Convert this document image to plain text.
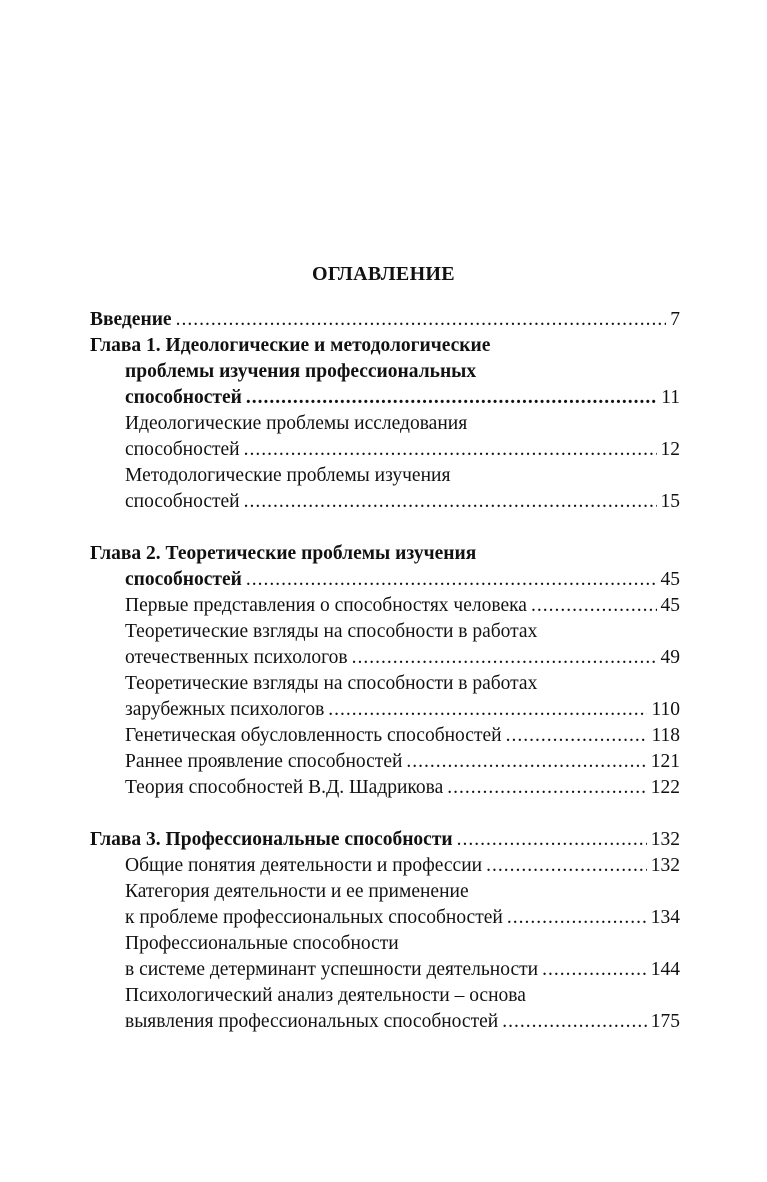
ОГЛАВЛЕНИЕ
Введение .....	7
Глава 1. Идеологические и методологические
проблемы изучения профессиональных
способностей .....	11
Идеологические проблемы исследования
способностей .....	12
Методологические проблемы изучения
способностей .....	15
Глава 2. Теоретические проблемы изучения
способностей .....	45
Первые представления о способностях человека .....	45
Теоретические взгляды на способности в работах
отечественных психологов .....	49
Теоретические взгляды на способности в работах
зарубежных психологов .....	110
Генетическая обусловленность способностей .....	118
Раннее проявление способностей .....	121
Теория способностей В.Д. Шадрикова .....	122
Глава 3. Профессиональные способности .....	132
Общие понятия деятельности и профессии .....	132
Категория деятельности и ее применение
к проблеме профессиональных способностей .....	134
Профессиональные способности
в системе детерминант успешности деятельности .....	144
Психологический анализ деятельности – основа
выявления профессиональных способностей .....	175
